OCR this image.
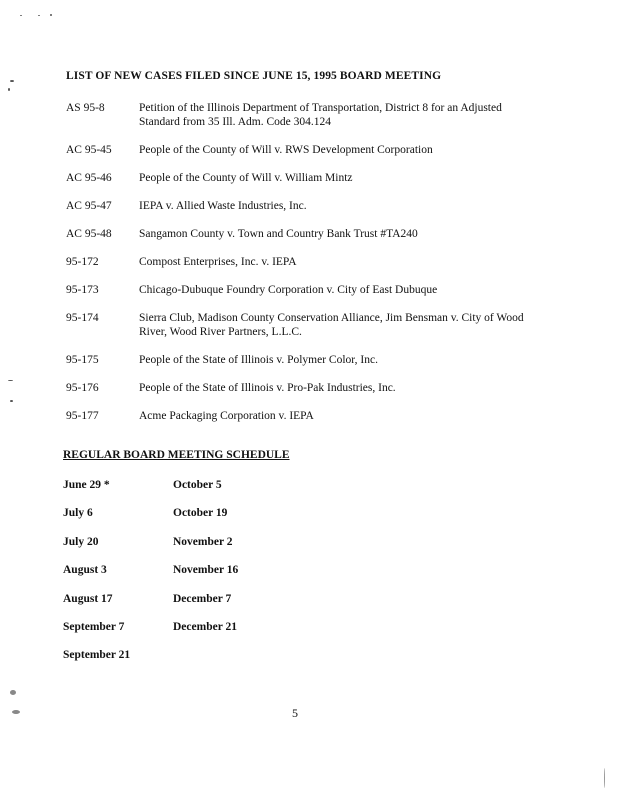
LIST OF NEW CASES FILED SINCE JUNE 15, 1995 BOARD MEETING
AS 95-8	Petition of the Illinois Department of Transportation, District 8 for an Adjusted Standard from 35 Ill. Adm. Code 304.124
AC 95-45	People of the County of Will v. RWS Development Corporation
AC 95-46	People of the County of Will v. William Mintz
AC 95-47	IEPA v. Allied Waste Industries, Inc.
AC 95-48	Sangamon County v. Town and Country Bank Trust #TA240
95-172	Compost Enterprises, Inc. v. IEPA
95-173	Chicago-Dubuque Foundry Corporation v. City of East Dubuque
95-174	Sierra Club, Madison County Conservation Alliance, Jim Bensman v. City of Wood River, Wood River Partners, L.L.C.
95-175	People of the State of Illinois v. Polymer Color, Inc.
95-176	People of the State of Illinois v. Pro-Pak Industries, Inc.
95-177	Acme Packaging Corporation v. IEPA
REGULAR BOARD MEETING SCHEDULE
June 29 *	October 5
July 6	October 19
July 20	November 2
August 3	November 16
August 17	December 7
September 7	December 21
September 21
5
